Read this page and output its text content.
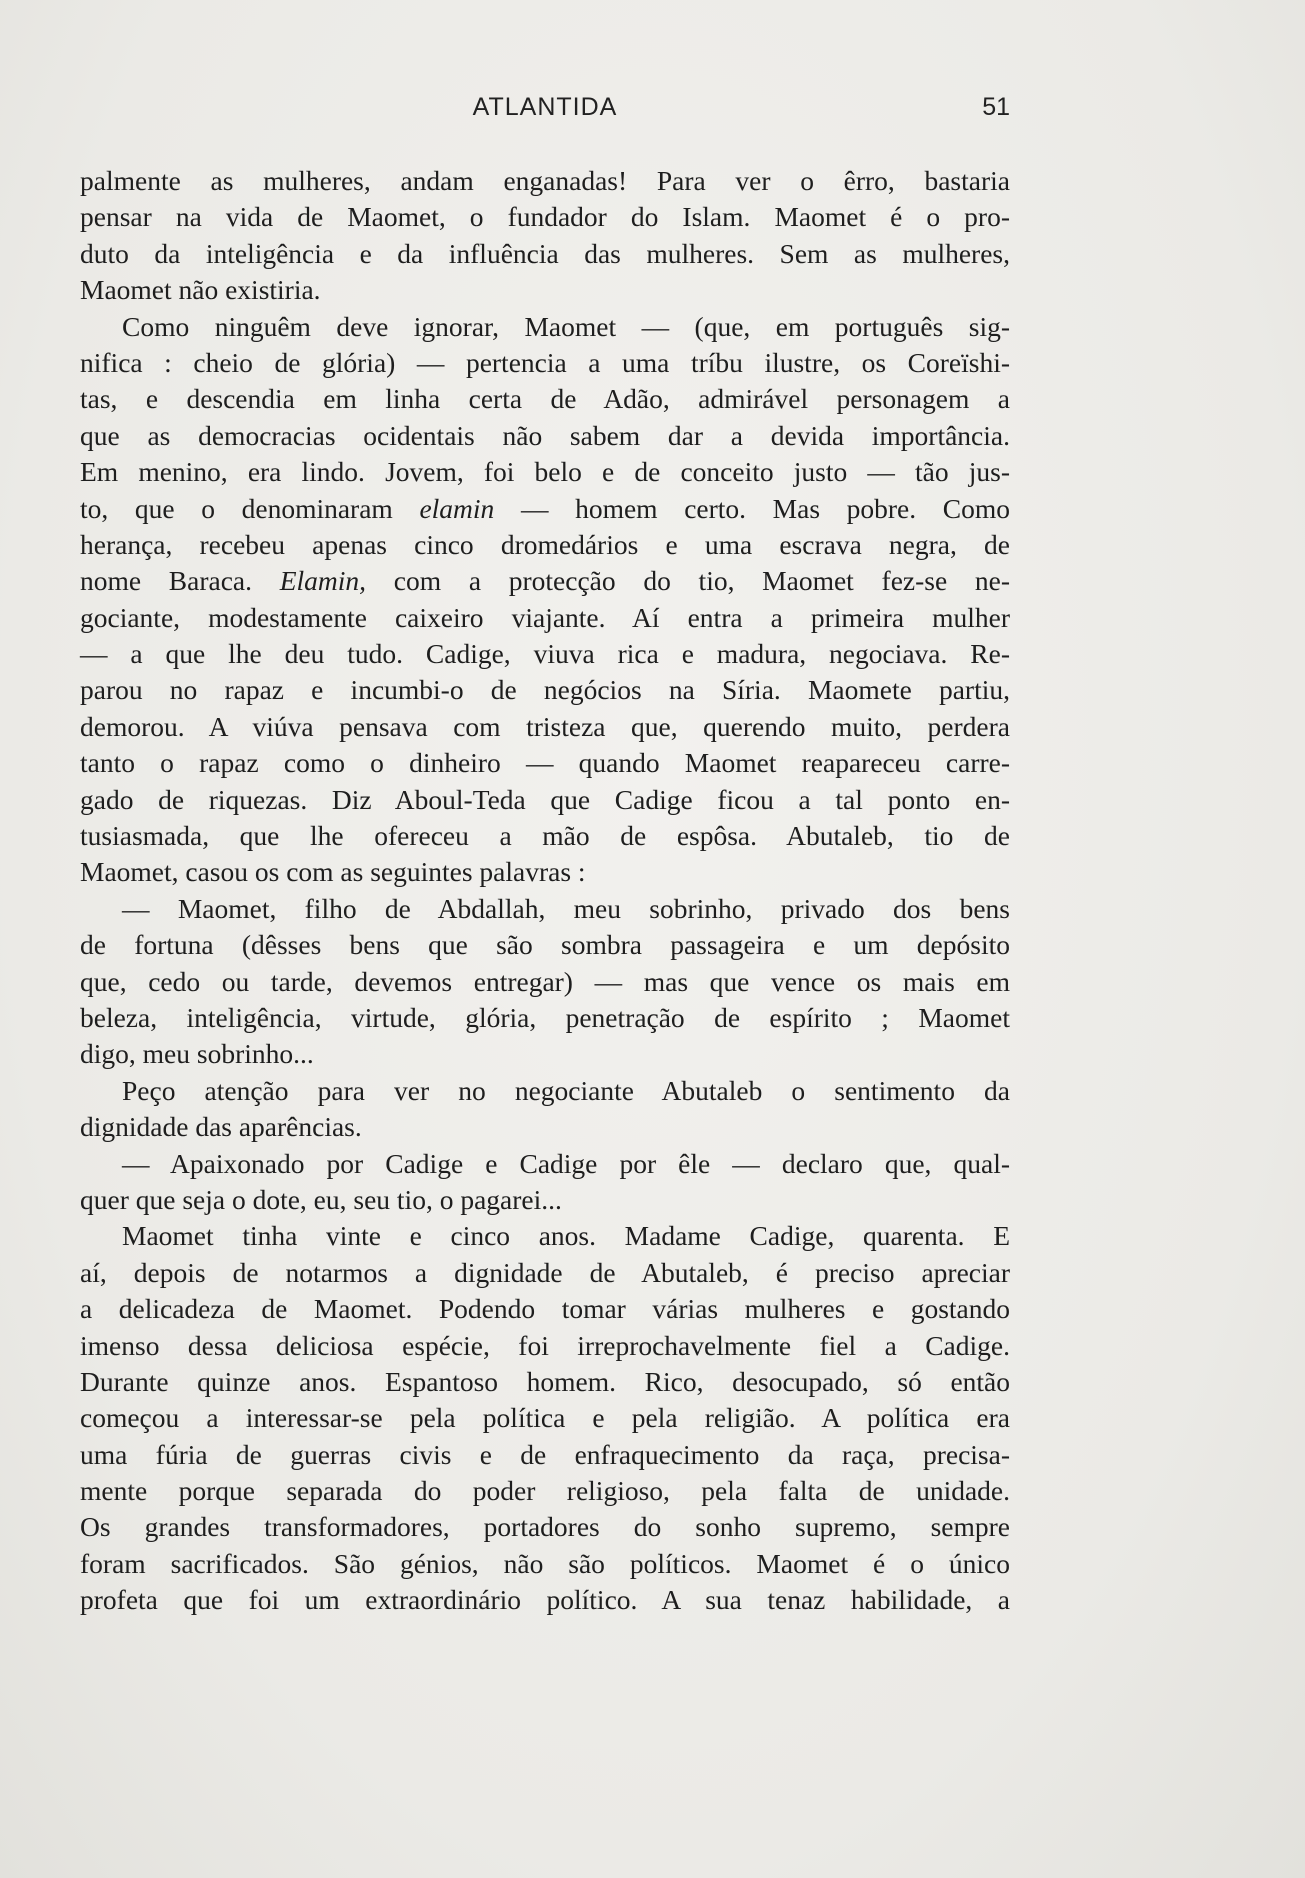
ATLANTIDA	51
palmente as mulheres, andam enganadas! Para ver o êrro, bastaria
pensar na vida de Maomet, o fundador do Islam. Maomet é o pro-
duto da inteligência e da influência das mulheres. Sem as mulheres,
Maomet não existiria.
Como ninguêm deve ignorar, Maomet — (que, em português sig-
nifica : cheio de glória) — pertencia a uma tríbu ilustre, os Coreïshi-
tas, e descendia em linha certa de Adão, admirável personagem a
que as democracias ocidentais não sabem dar a devida importância.
Em menino, era lindo. Jovem, foi belo e de conceito justo — tão jus-
to, que o denominaram elamin — homem certo. Mas pobre. Como
herança, recebeu apenas cinco dromedários e uma escrava negra, de
nome Baraca. Elamin, com a protecção do tio, Maomet fez-se ne-
gociante, modestamente caixeiro viajante. Aí entra a primeira mulher
— a que lhe deu tudo. Cadige, viuva rica e madura, negociava. Re-
parou no rapaz e incumbi-o de negócios na Síria. Maomete partiu,
demorou. A viúva pensava com tristeza que, querendo muito, perdera
tanto o rapaz como o dinheiro — quando Maomet reapareceu carre-
gado de riquezas. Diz Aboul-Teda que Cadige ficou a tal ponto en-
tusiasmada, que lhe ofereceu a mão de espôsa. Abutaleb, tio de
Maomet, casou os com as seguintes palavras :
— Maomet, filho de Abdallah, meu sobrinho, privado dos bens
de fortuna (dêsses bens que são sombra passageira e um depósito
que, cedo ou tarde, devemos entregar) — mas que vence os mais em
beleza, inteligência, virtude, glória, penetração de espírito ; Maomet
digo, meu sobrinho...
Peço atenção para ver no negociante Abutaleb o sentimento da
dignidade das aparências.
— Apaixonado por Cadige e Cadige por êle — declaro que, qual-
quer que seja o dote, eu, seu tio, o pagarei...
Maomet tinha vinte e cinco anos. Madame Cadige, quarenta. E
aí, depois de notarmos a dignidade de Abutaleb, é preciso apreciar
a delicadeza de Maomet. Podendo tomar várias mulheres e gostando
imenso dessa deliciosa espécie, foi irreprochavelmente fiel a Cadige.
Durante quinze anos. Espantoso homem. Rico, desocupado, só então
começou a interessar-se pela política e pela religião. A política era
uma fúria de guerras civis e de enfraquecimento da raça, precisa-
mente porque separada do poder religioso, pela falta de unidade.
Os grandes transformadores, portadores do sonho supremo, sempre
foram sacrificados. São génios, não são políticos. Maomet é o único
profeta que foi um extraordinário político. A sua tenaz habilidade, a
